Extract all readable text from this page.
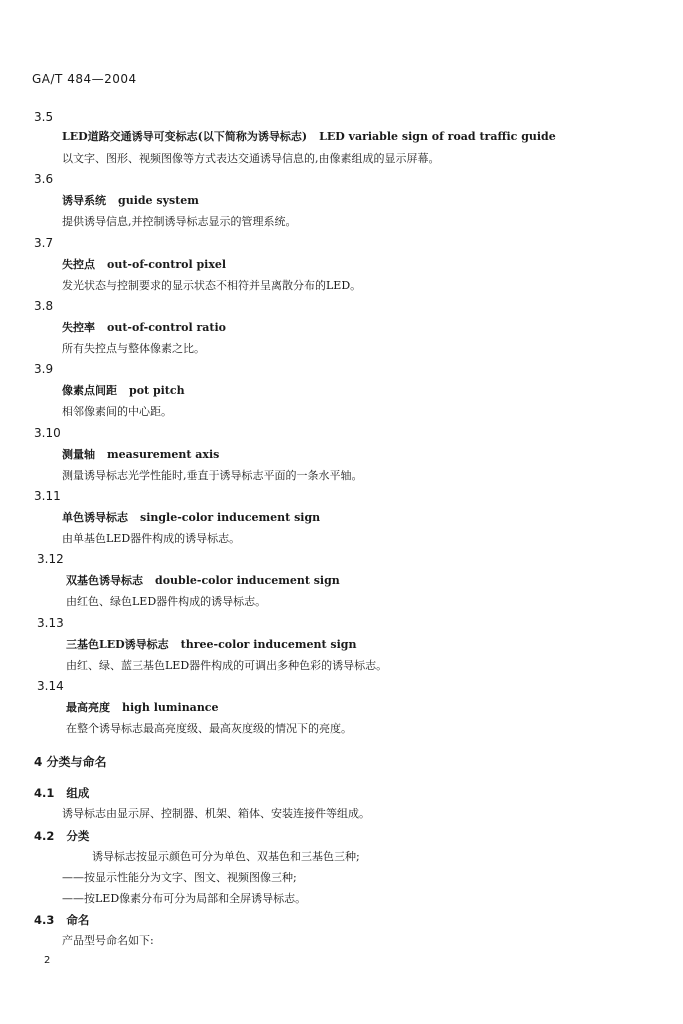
GA/T 484—2004
3.5
LED道路交通诱导可变标志(以下简称为诱导标志) LED variable sign of road traffic guide
以文字、图形、视频图像等方式表达交通诱导信息的,由像素组成的显示屏幕。
3.6
诱导系统 guide system
提供诱导信息,并控制诱导标志显示的管理系统。
3.7
失控点 out-of-control pixel
发光状态与控制要求的显示状态不相符并呈离散分布的LED。
3.8
失控率 out-of-control ratio
所有失控点与整体像素之比。
3.9
像素点间距 pot pitch
相邻像素间的中心距。
3.10
测量轴 measurement axis
测量诱导标志光学性能时,垂直于诱导标志平面的一条水平轴。
3.11
单色诱导标志 single-color inducement sign
由单基色LED器件构成的诱导标志。
3.12
双基色诱导标志 double-color inducement sign
由红色、绿色LED器件构成的诱导标志。
3.13
三基色LED诱导标志 three-color inducement sign
由红、绿、蓝三基色LED器件构成的可调出多种色彩的诱导标志。
3.14
最高亮度 high luminance
在整个诱导标志最高亮度级、最高灰度级的情况下的亮度。
4 分类与命名
4.1 组成
诱导标志由显示屏、控制器、机架、箱体、安装连接件等组成。
4.2 分类
诱导标志按显示颜色可分为单色、双基色和三基色三种;
——按显示性能分为文字、图文、视频图像三种;
——按LED像素分布可分为局部和全屏诱导标志。
4.3 命名
产品型号命名如下:
2
